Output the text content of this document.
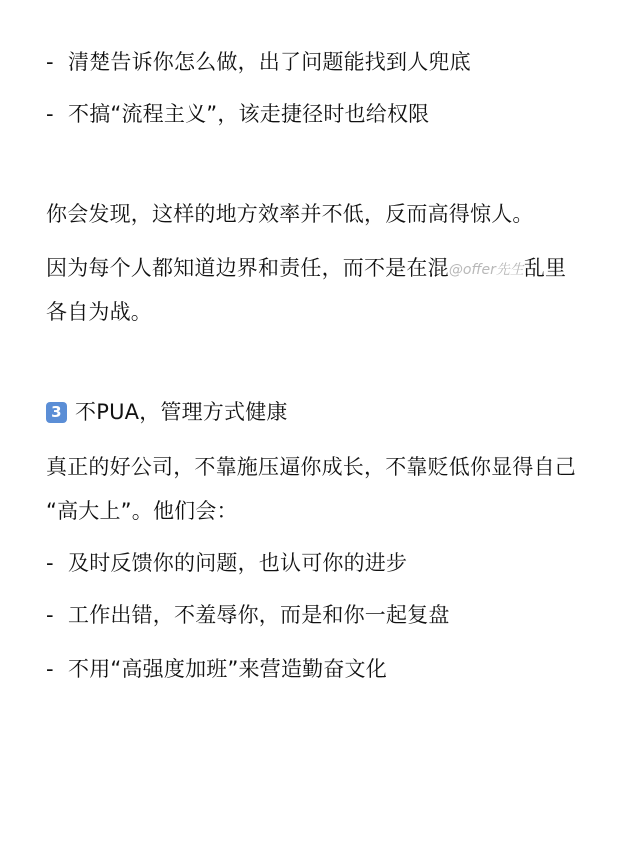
- 清楚告诉你怎么做，出了问题能找到人兜底
- 不搞“流程主义”，该走捷径时也给权限
你会发现，这样的地方效率并不低，反而高得惊人。
因为每个人都知道边界和责任，而不是在混@offer先生乱里
各自为战。
3 不PUA，管理方式健康
真正的好公司，不靠施压逼你成长，不靠贬低你显得自己
“高大上”。他们会：
- 及时反馈你的问题，也认可你的进步
- 工作出错，不羞辱你，而是和你一起复盘
- 不用“高强度加班”来营造勤奋文化
